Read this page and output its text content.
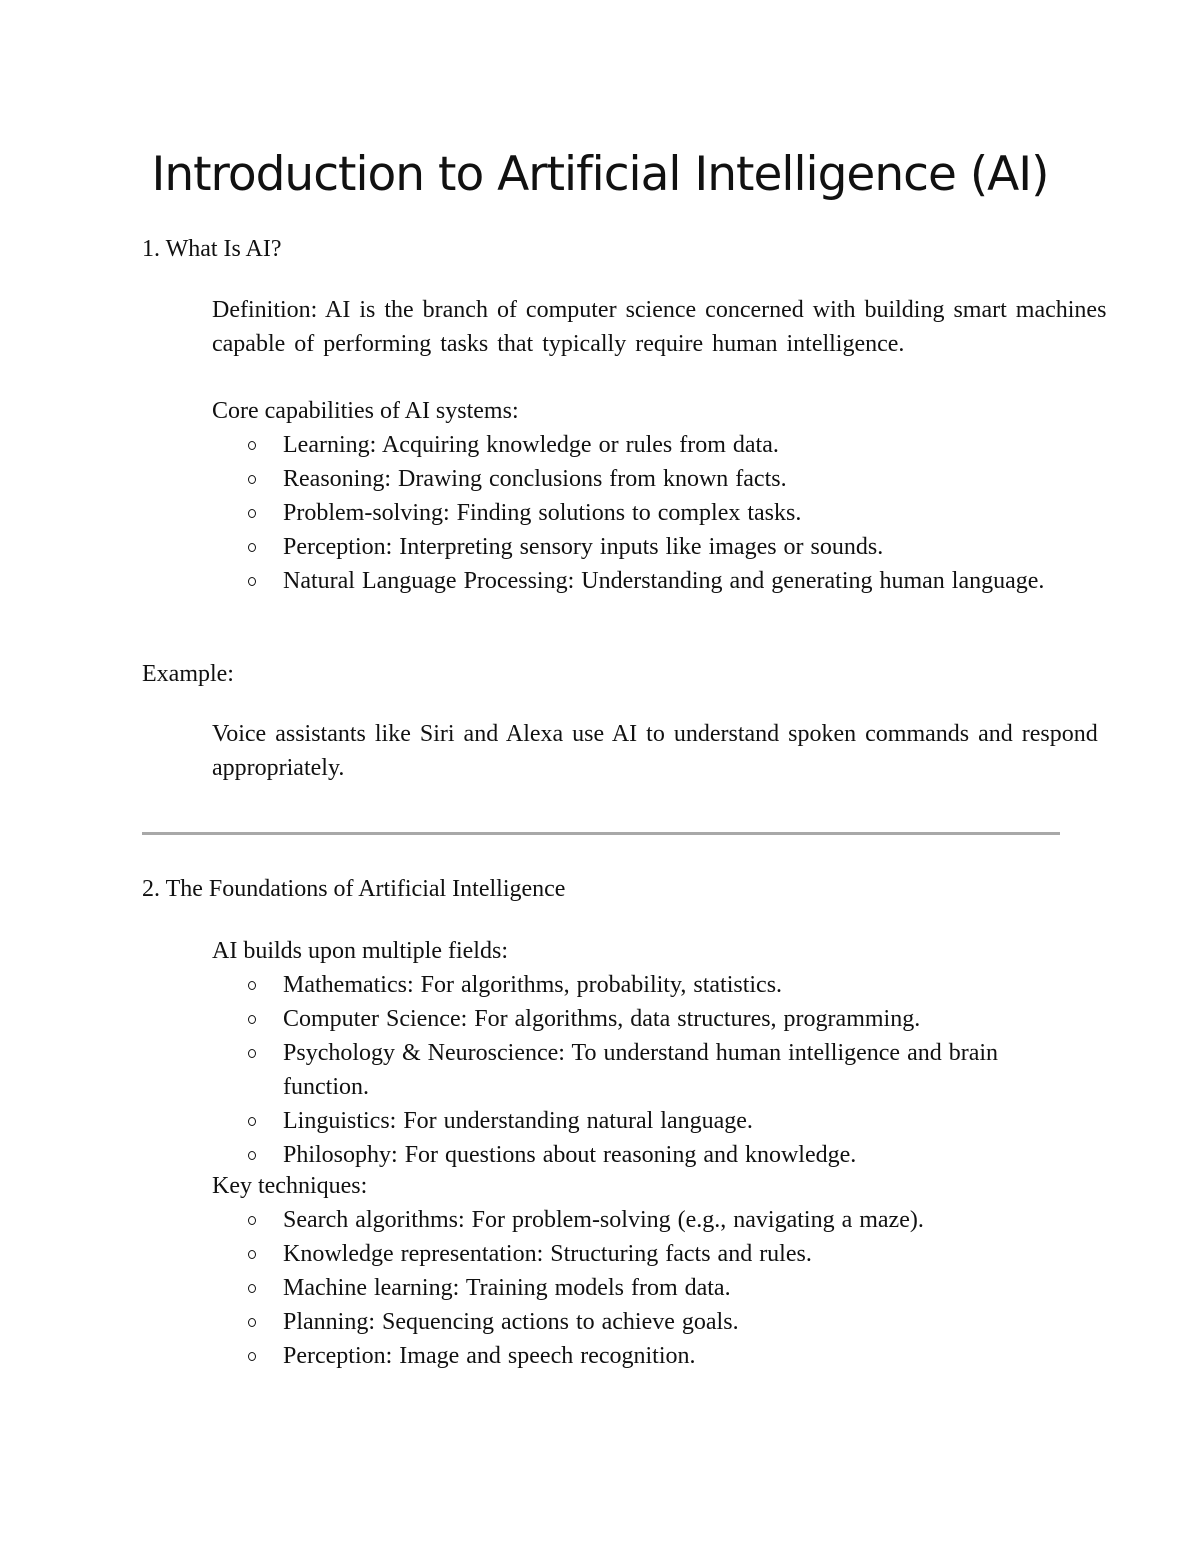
Introduction to Artificial Intelligence (AI)
1. What Is AI?

Definition: AI is the branch of computer science concerned with building smart machines capable of performing tasks that typically require human intelligence.

Core capabilities of AI systems:

Learning: Acquiring knowledge or rules from data.
Reasoning: Drawing conclusions from known facts.
Problem-solving: Finding solutions to complex tasks.
Perception: Interpreting sensory inputs like images or sounds.
Natural Language Processing: Understanding and generating human language.

Example:

Voice assistants like Siri and Alexa use AI to understand spoken commands and respond appropriately.

2. The Foundations of Artificial Intelligence

AI builds upon multiple fields:

Mathematics: For algorithms, probability, statistics.
Computer Science: For algorithms, data structures, programming.
Psychology & Neuroscience: To understand human intelligence and brain function.
Linguistics: For understanding natural language.
Philosophy: For questions about reasoning and knowledge.

Key techniques:

Search algorithms: For problem-solving (e.g., navigating a maze).
Knowledge representation: Structuring facts and rules.
Machine learning: Training models from data.
Planning: Sequencing actions to achieve goals.
Perception: Image and speech recognition.
